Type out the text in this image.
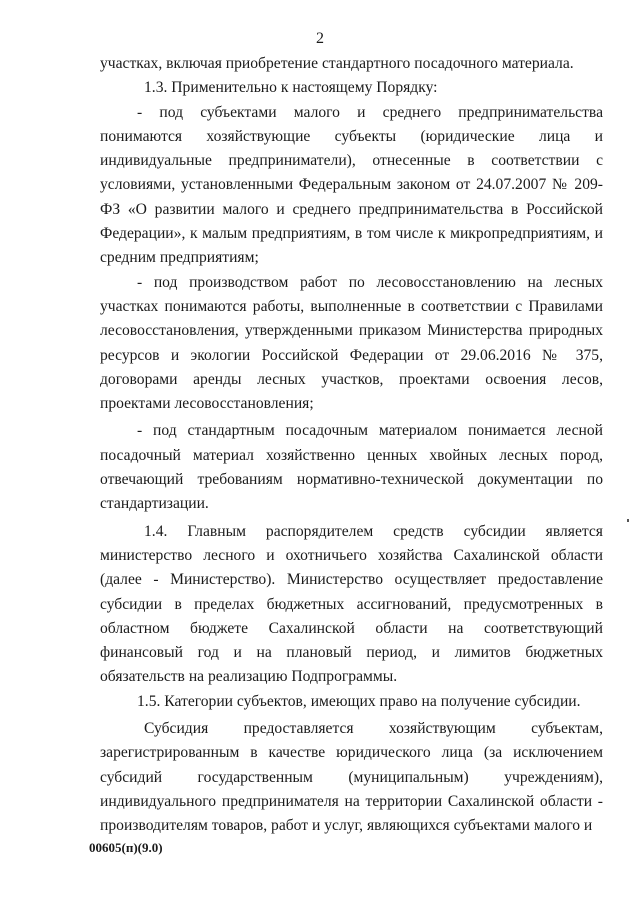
2

участках, включая приобретение стандартного посадочного материала.

1.3. Применительно к настоящему Порядку:

- под субъектами малого и среднего предпринимательства понимаются хозяйствующие субъекты (юридические лица и индивидуальные предприниматели), отнесенные в соответствии с условиями, установленными Федеральным законом от 24.07.2007 № 209-ФЗ «О развитии малого и среднего предпринимательства в Российской Федерации», к малым предприятиям, в том числе к микропредприятиям, и средним предприятиям;

- под производством работ по лесовосстановлению на лесных участках понимаются работы, выполненные в соответствии с Правилами лесовосстановления, утвержденными приказом Министерства природных ресурсов и экологии Российской Федерации от 29.06.2016 № 375, договорами аренды лесных участков, проектами освоения лесов, проектами лесовосстановления;

- под стандартным посадочным материалом понимается лесной посадочный материал хозяйственно ценных хвойных лесных пород, отвечающий требованиям нормативно-технической документации по стандартизации.

1.4. Главным распорядителем средств субсидии является министерство лесного и охотничьего хозяйства Сахалинской области (далее - Министерство). Министерство осуществляет предоставление субсидии в пределах бюджетных ассигнований, предусмотренных в областном бюджете Сахалинской области на соответствующий финансовый год и на плановый период, и лимитов бюджетных обязательств на реализацию Подпрограммы.

1.5. Категории субъектов, имеющих право на получение субсидии.

Субсидия предоставляется хозяйствующим субъектам, зарегистрированным в качестве юридического лица (за исключением субсидий государственным (муниципальным) учреждениям), индивидуального предпринимателя на территории Сахалинской области - производителям товаров, работ и услуг, являющихся субъектами малого и

00605(п)(9.0)
